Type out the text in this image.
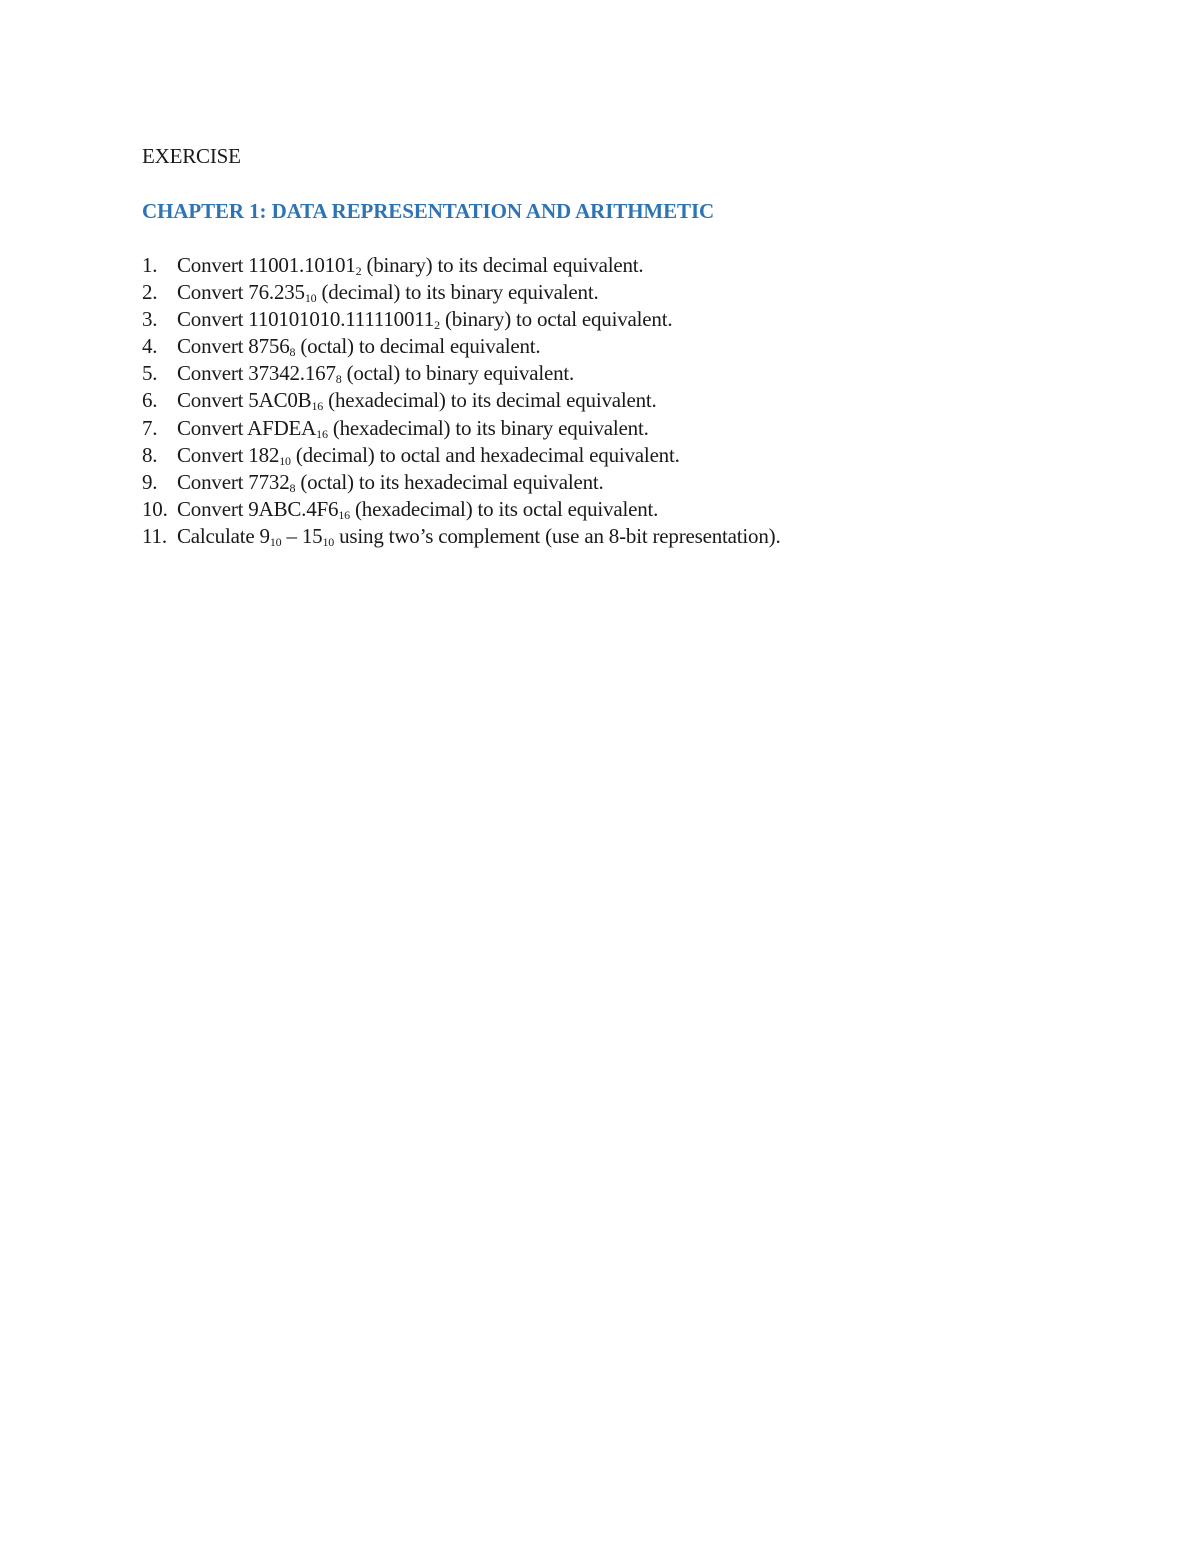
EXERCISE

CHAPTER 1: DATA REPRESENTATION AND ARITHMETIC
1. Convert $11001.10101_2$ (binary) to its decimal equivalent.
2. Convert $76.235_{10}$ (decimal) to its binary equivalent.
3. Convert $110101010.111110011_2$ (binary) to octal equivalent.
4. Convert $8756_8$ (octal) to decimal equivalent.
5. Convert $37342.167_8$ (octal) to binary equivalent.
6. Convert $5AC0B_{16}$ (hexadecimal) to its decimal equivalent.
7. Convert $AFDEA_{16}$ (hexadecimal) to its binary equivalent.
8. Convert $182_{10}$ (decimal) to octal and hexadecimal equivalent.
9. Convert $7732_8$ (octal) to its hexadecimal equivalent.
10. Convert $9ABC.4F6_{16}$ (hexadecimal) to its octal equivalent.
11. Calculate $9_{10} - 15_{10}$ using two’s complement (use an 8-bit representation).
